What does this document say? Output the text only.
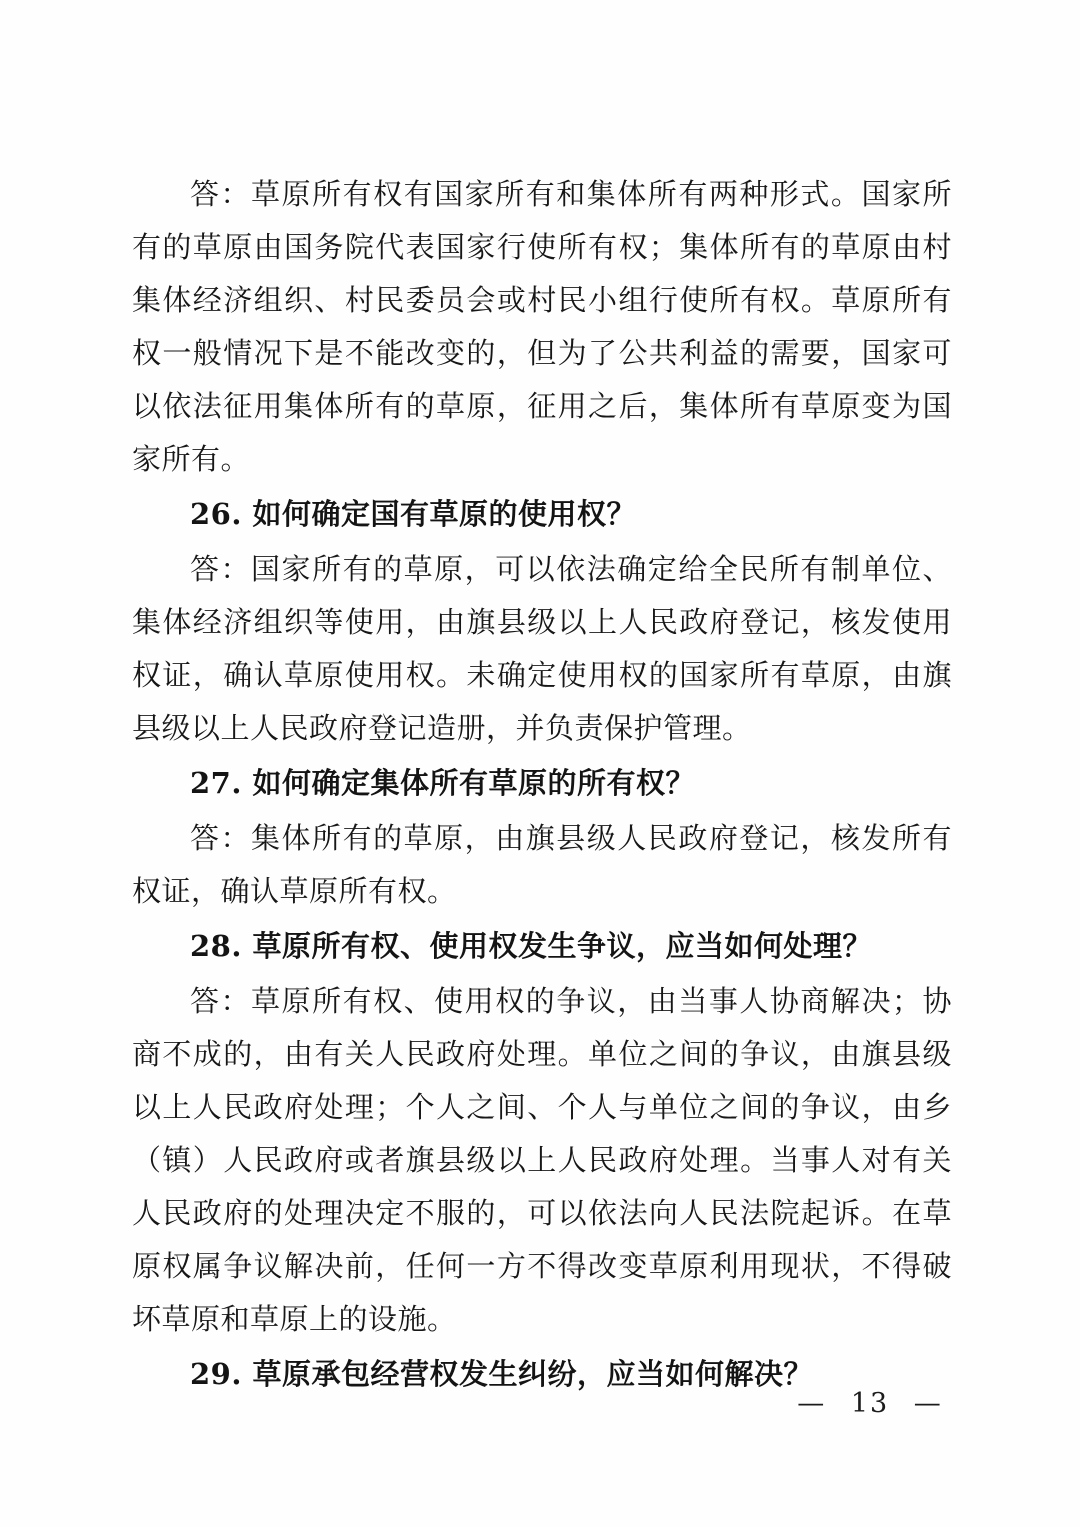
答：草原所有权有国家所有和集体所有两种形式。国家所有的草原由国务院代表国家行使所有权；集体所有的草原由村集体经济组织、村民委员会或村民小组行使所有权。草原所有权一般情况下是不能改变的，但为了公共利益的需要，国家可以依法征用集体所有的草原，征用之后，集体所有草原变为国家所有。

26. 如何确定国有草原的使用权？

答：国家所有的草原，可以依法确定给全民所有制单位、集体经济组织等使用，由旗县级以上人民政府登记，核发使用权证，确认草原使用权。未确定使用权的国家所有草原，由旗县级以上人民政府登记造册，并负责保护管理。

27. 如何确定集体所有草原的所有权？

答：集体所有的草原，由旗县级人民政府登记，核发所有权证，确认草原所有权。

28. 草原所有权、使用权发生争议，应当如何处理？

答：草原所有权、使用权的争议，由当事人协商解决；协商不成的，由有关人民政府处理。单位之间的争议，由旗县级以上人民政府处理；个人之间、个人与单位之间的争议，由乡（镇）人民政府或者旗县级以上人民政府处理。当事人对有关人民政府的处理决定不服的，可以依法向人民法院起诉。在草原权属争议解决前，任何一方不得改变草原利用现状，不得破坏草原和草原上的设施。

29. 草原承包经营权发生纠纷，应当如何解决？

— 13 —
